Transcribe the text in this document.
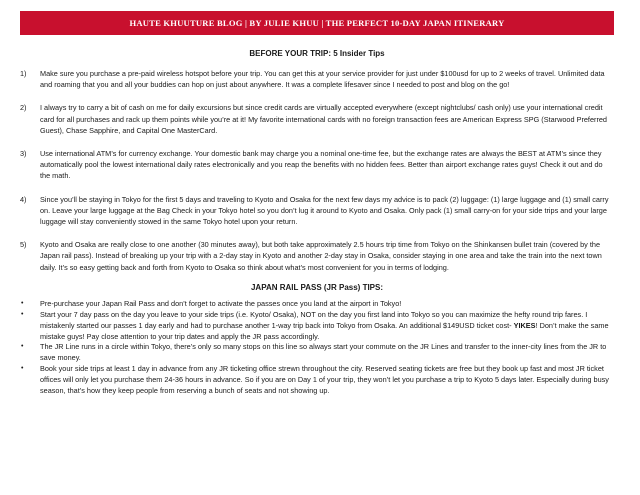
HAUTE KHUUTURE BLOG | BY JULIE KHUU | THE PERFECT 10-DAY JAPAN ITINERARY
BEFORE YOUR TRIP: 5 Insider Tips
1) Make sure you purchase a pre-paid wireless hotspot before your trip. You can get this at your service provider for just under $100usd for up to 2 weeks of travel. Unlimited data and roaming that you and all your buddies can hop on just about anywhere. It was a complete lifesaver since I needed to post and blog on the go!
2) I always try to carry a bit of cash on me for daily excursions but since credit cards are virtually accepted everywhere (except nightclubs/ cash only) use your international credit card for all purchases and rack up them points while you’re at it! My favorite international cards with no foreign transaction fees are American Express SPG (Starwood Preferred Guest), Chase Sapphire, and Capital One MasterCard.
3) Use international ATM’s for currency exchange. Your domestic bank may charge you a nominal one-time fee, but the exchange rates are always the BEST at ATM’s since they automatically pool the lowest international daily rates electronically and you reap the benefits with no hidden fees. Better than airport exchange rates guys! Check it out and do the math.
4) Since you’ll be staying in Tokyo for the first 5 days and traveling to Kyoto and Osaka for the next few days my advice is to pack (2) luggage: (1) large luggage and (1) small carry on. Leave your large luggage at the Bag Check in your Tokyo hotel so you don’t lug it around to Kyoto and Osaka. Only pack (1) small carry-on for your side trips and your large luggage will stay conveniently stowed in the same Tokyo hotel upon your return.
5) Kyoto and Osaka are really close to one another (30 minutes away), but both take approximately 2.5 hours trip time from Tokyo on the Shinkansen bullet train (covered by the Japan rail pass). Instead of breaking up your trip with a 2-day stay in Kyoto and another 2-day stay in Osaka, consider staying in one area and take the train into the next town daily. It’s so easy getting back and forth from Kyoto to Osaka so think about what’s most convenient for you in terms of lodging.
JAPAN RAIL PASS (JR Pass) TIPS:
• Pre-purchase your Japan Rail Pass and don’t forget to activate the passes once you land at the airport in Tokyo!
• Start your 7 day pass on the day you leave to your side trips (i.e. Kyoto/ Osaka), NOT on the day you first land into Tokyo so you can maximize the hefty round trip fares. I mistakenly started our passes 1 day early and had to purchase another 1-way trip back into Tokyo from Osaka. An additional $149USD ticket cost- YIKES! Don’t make the same mistake guys! Pay close attention to your trip dates and apply the JR pass accordingly.
• The JR Line runs in a circle within Tokyo, there’s only so many stops on this line so always start your commute on the JR Lines and transfer to the inner-city lines from the JR to save money.
• Book your side trips at least 1 day in advance from any JR ticketing office strewn throughout the city. Reserved seating tickets are free but they book up fast and most JR ticket offices will only let you purchase them 24-36 hours in advance. So if you are on Day 1 of your trip, they won’t let you purchase a trip to Kyoto 5 days later. Especially during busy season, that’s how they keep people from reserving a bunch of seats and not showing up.
